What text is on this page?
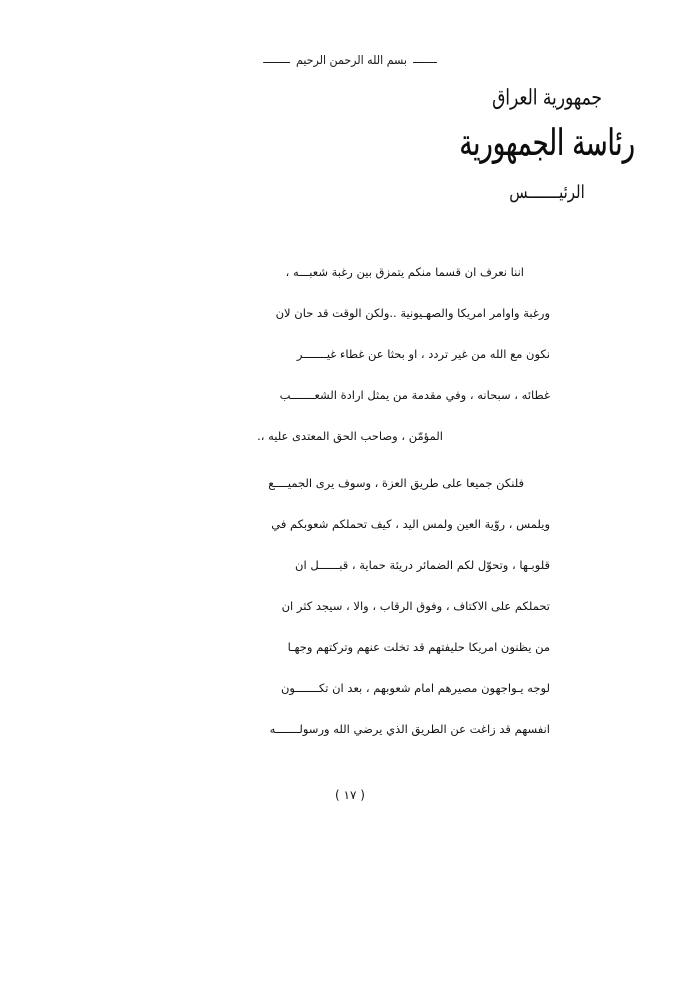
ــــــــ بسم الله الرحمن الرحيم ـــــــــ
جمهورية العراق
رئاسة الجمهورية
الرئيـــــــس
اننا نعرف ان قسما منكم يتمزق بين رغبة شعبـــه ،
ورغبة واوامر امريكا والصهـيونية ..ولكن الوقت قد حان لان
نكون مع الله من غير تردد ، او بحثا عن غطاء غيـــــــر
غطائه ، سبحانه ، وفي مقدمة من يمثل ارادة الشعـــــــب
المؤمّن ، وصاحب الحق المعتدى عليه ،.
فلنكن جميعا على طريق العزة ، وسوف يرى الجميــــع
ويلمس ، روّية العين ولمس اليد ، كيف تحملكم شعوبكم في
قلوبـها ، وتحوّل لكم الضمائر دريئة حماية ، قبــــــل ان
تحملكم على الاكتاف ، وفوق الرقاب ، والا ، سيجد كثر ان
من يظنون امريكا حليفتهم قد تخلت عنهم وتركتهم وجهـا
لوجه يـواجهون مصيرهم امام شعوبهم ، بعد ان تكـــــــون
انفسهم قد زاغت عن الطريق الذي يرضي الله ورسولـــــــه
( ١٧ )
